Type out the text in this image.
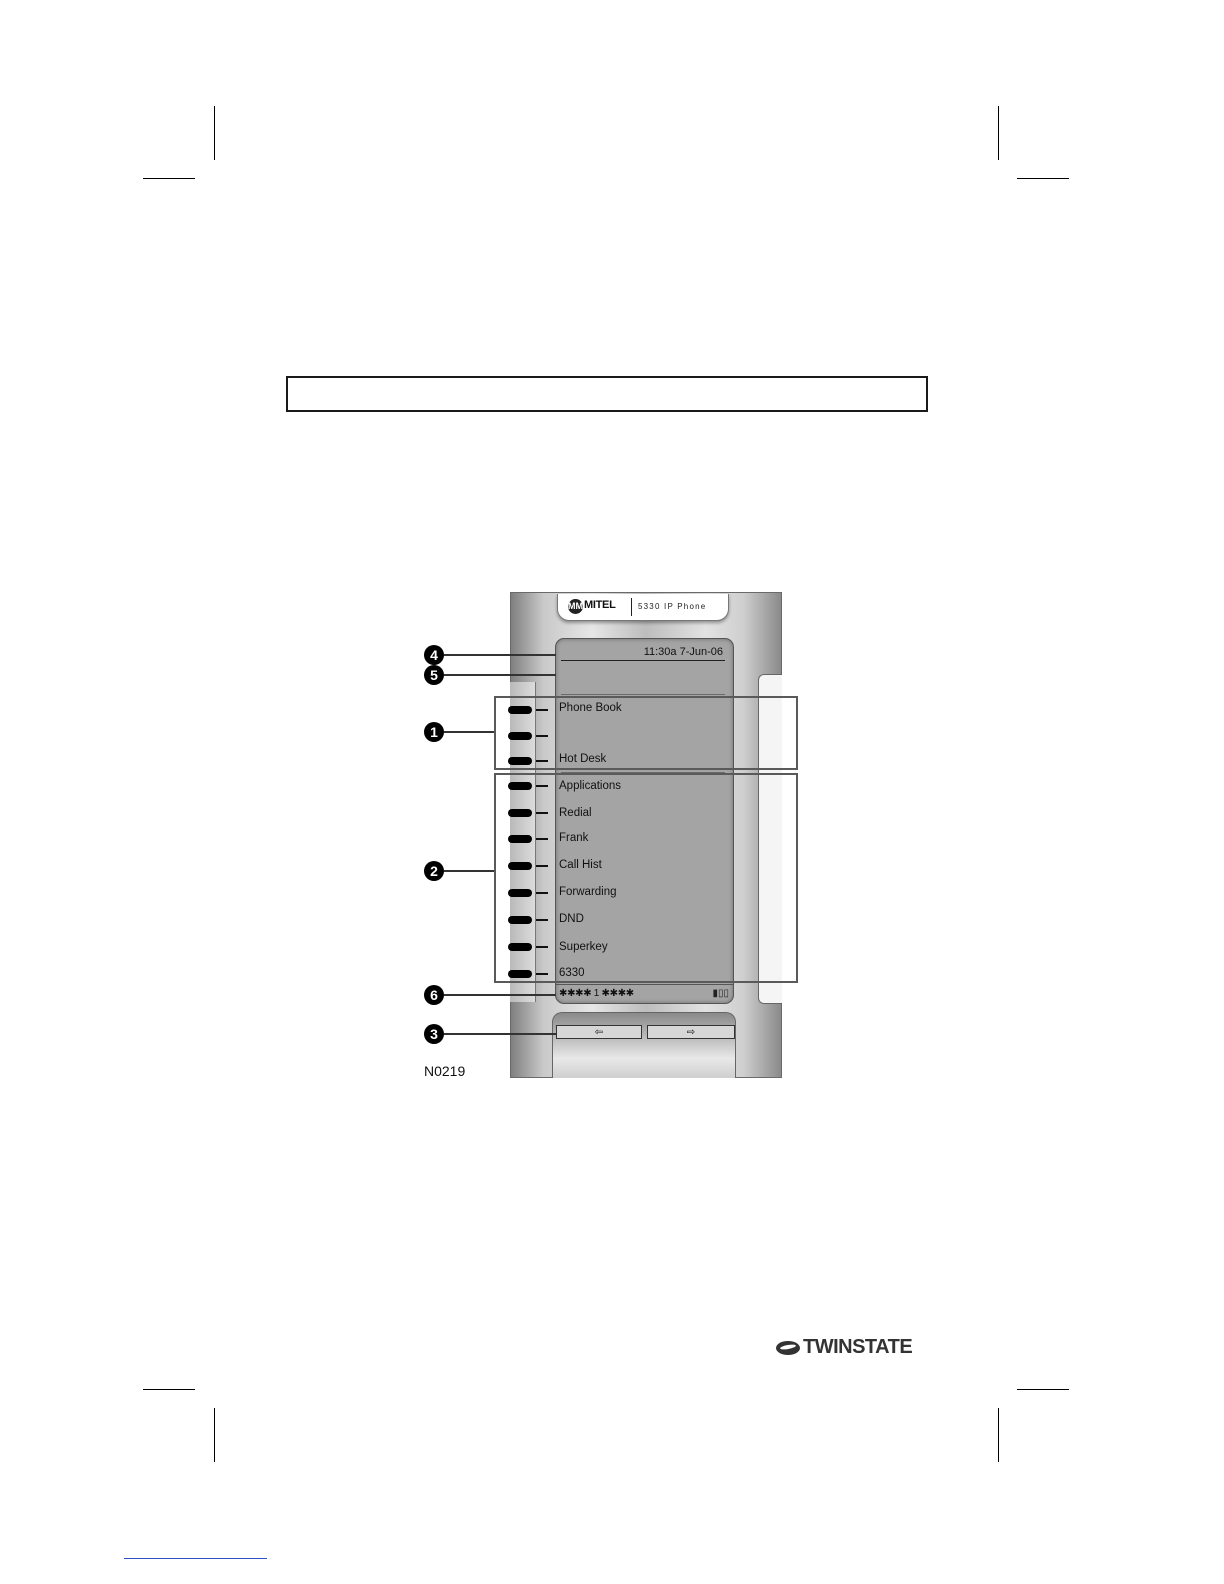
MM MITEL	5330 IP Phone
11:30a 7-Jun-06
Phone Book
Hot Desk
Applications
Redial
Frank
Call Hist
Forwarding
DND
Superkey
6330
✱✱✱✱ 1 ✱✱✱✱	▮▯▯
⇦	⇨
4
5
1
2
6
3
N0219
TWINSTATE
